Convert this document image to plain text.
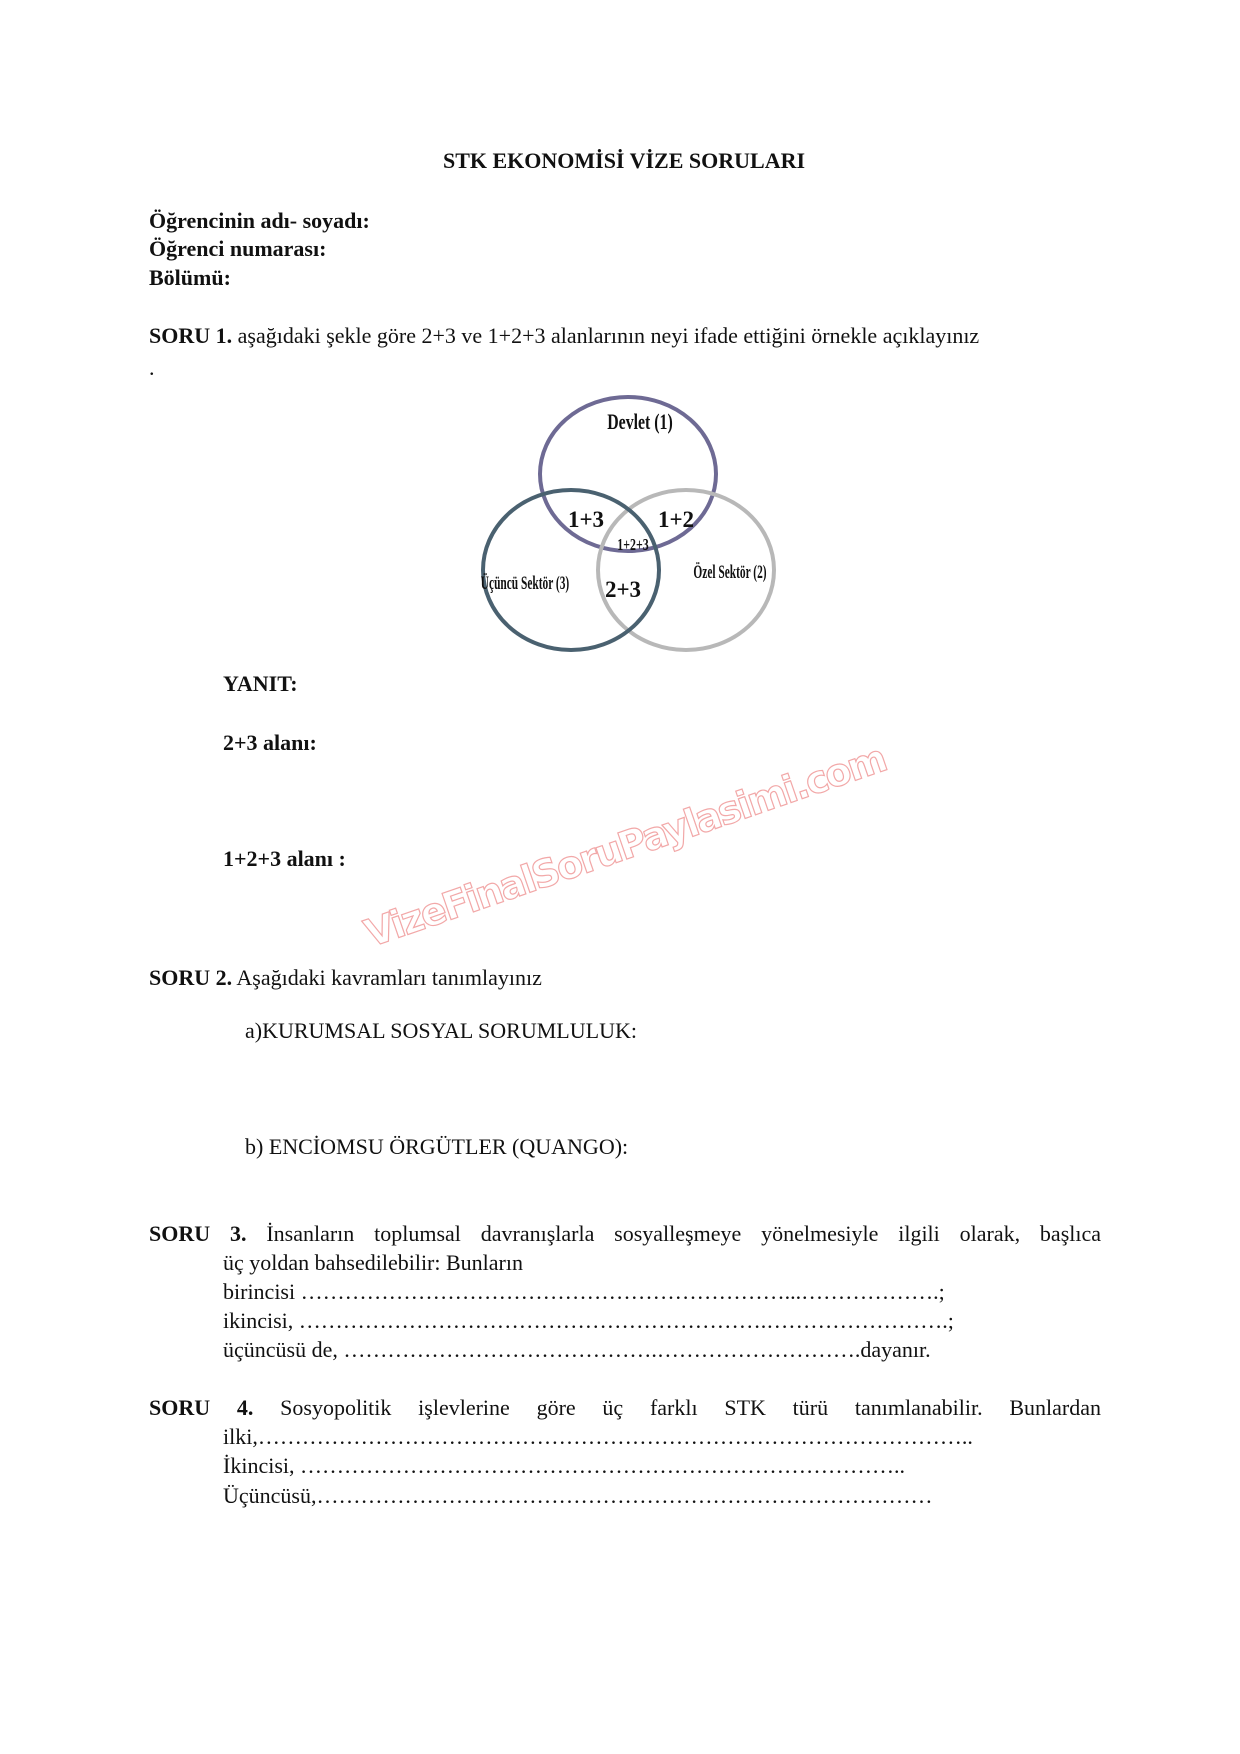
STK EKONOMİSİ VİZE SORULARI
Öğrencinin adı- soyadı:
Öğrenci numarası:
Bölümü:
SORU 1. aşağıdaki şekle göre 2+3 ve 1+2+3 alanlarının neyi ifade ettiğini örnekle açıklayınız
.
Devlet (1)
Üçüncü Sektör (3)
Özel Sektör (2)
1+3 1+2
1+2+3
2+3
YANIT:
2+3 alanı:
1+2+3 alanı : VizeFinalSoruPaylasimi.com
SORU 2. Aşağıdaki kavramları tanımlayınız
a)KURUMSAL SOSYAL SORUMLULUK:
b) ENCİOMSU ÖRGÜTLER (QUANGO):
SORU 3. İnsanların toplumsal davranışlarla sosyalleşmeye yönelmesiyle ilgili olarak, başlıca
üç yoldan bahsedilebilir: Bunların
birincisi …………………………………………………………...……………….;
ikincisi, ……………………………………………………….…………………….;
üçüncüsü de, …………………………………….……………………….dayanır.
SORU 4. Sosyopolitik işlevlerine göre üç farklı STK türü tanımlanabilir. Bunlardan
ilki,……………………………………………………………………………………..
İkincisi, ………………………………………………………………………..
Üçüncüsü,…………………………………………………………………………
